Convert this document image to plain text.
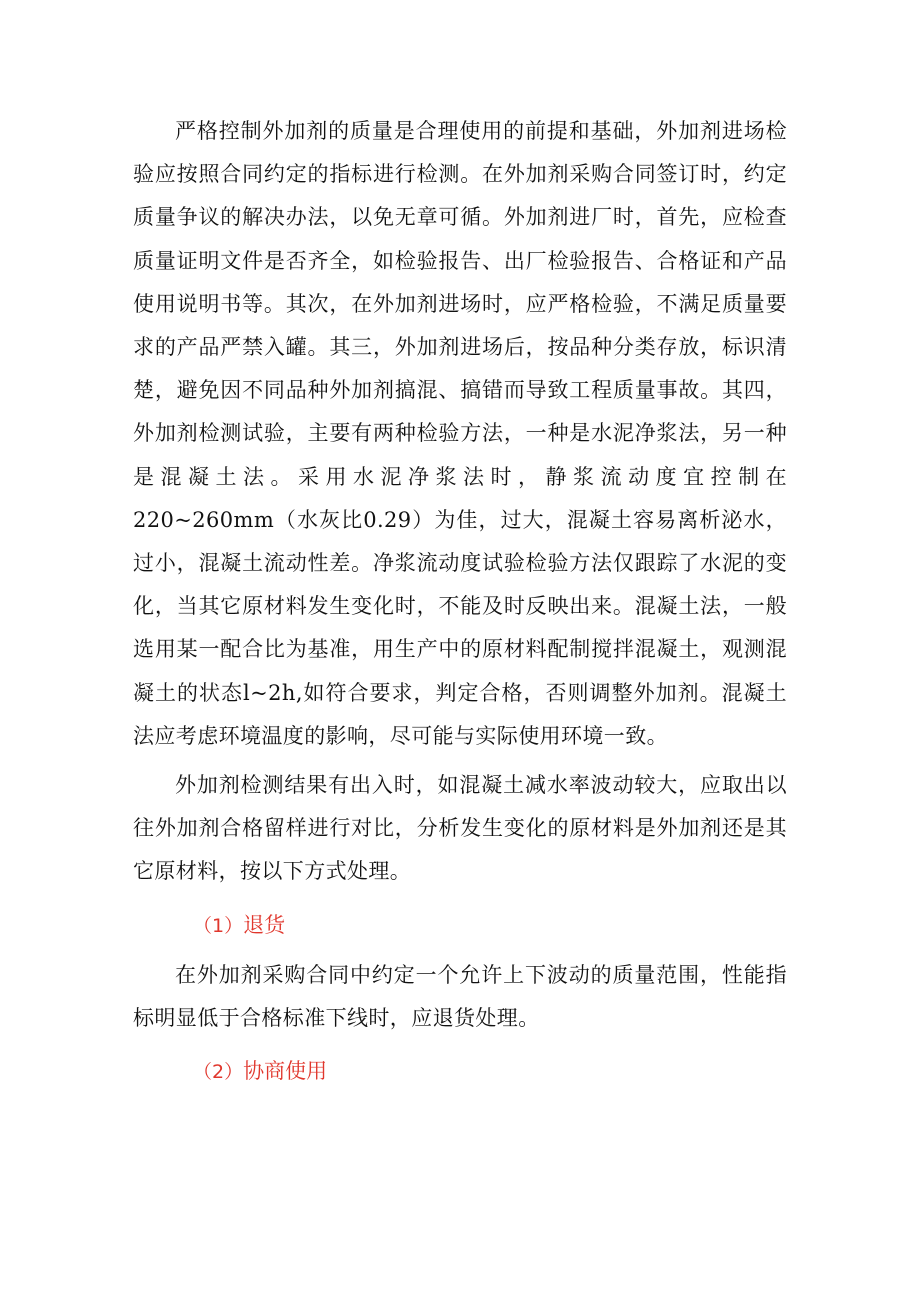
严格控制外加剂的质量是合理使用的前提和基础，外加剂进场检验应按照合同约定的指标进行检测。在外加剂采购合同签订时，约定质量争议的解决办法，以免无章可循。外加剂进厂时，首先，应检查质量证明文件是否齐全，如检验报告、出厂检验报告、合格证和产品使用说明书等。其次，在外加剂进场时，应严格检验，不满足质量要求的产品严禁入罐。其三，外加剂进场后，按品种分类存放，标识清楚，避免因不同品种外加剂搞混、搞错而导致工程质量事故。其四，外加剂检测试验，主要有两种检验方法，一种是水泥净浆法，另一种是混凝土法。采用水泥净浆法时，静浆流动度宜控制在220~260mm（水灰比0.29）为佳，过大，混凝土容易离析泌水，过小，混凝土流动性差。净浆流动度试验检验方法仅跟踪了水泥的变化，当其它原材料发生变化时，不能及时反映出来。混凝土法，一般选用某一配合比为基准，用生产中的原材料配制搅拌混凝土，观测混凝土的状态l~2h,如符合要求，判定合格，否则调整外加剂。混凝土法应考虑环境温度的影响，尽可能与实际使用环境一致。

外加剂检测结果有出入时，如混凝土减水率波动较大，应取出以往外加剂合格留样进行对比，分析发生变化的原材料是外加剂还是其它原材料，按以下方式处理。

（1）退货

在外加剂采购合同中约定一个允许上下波动的质量范围，性能指标明显低于合格标准下线时，应退货处理。

（2）协商使用
